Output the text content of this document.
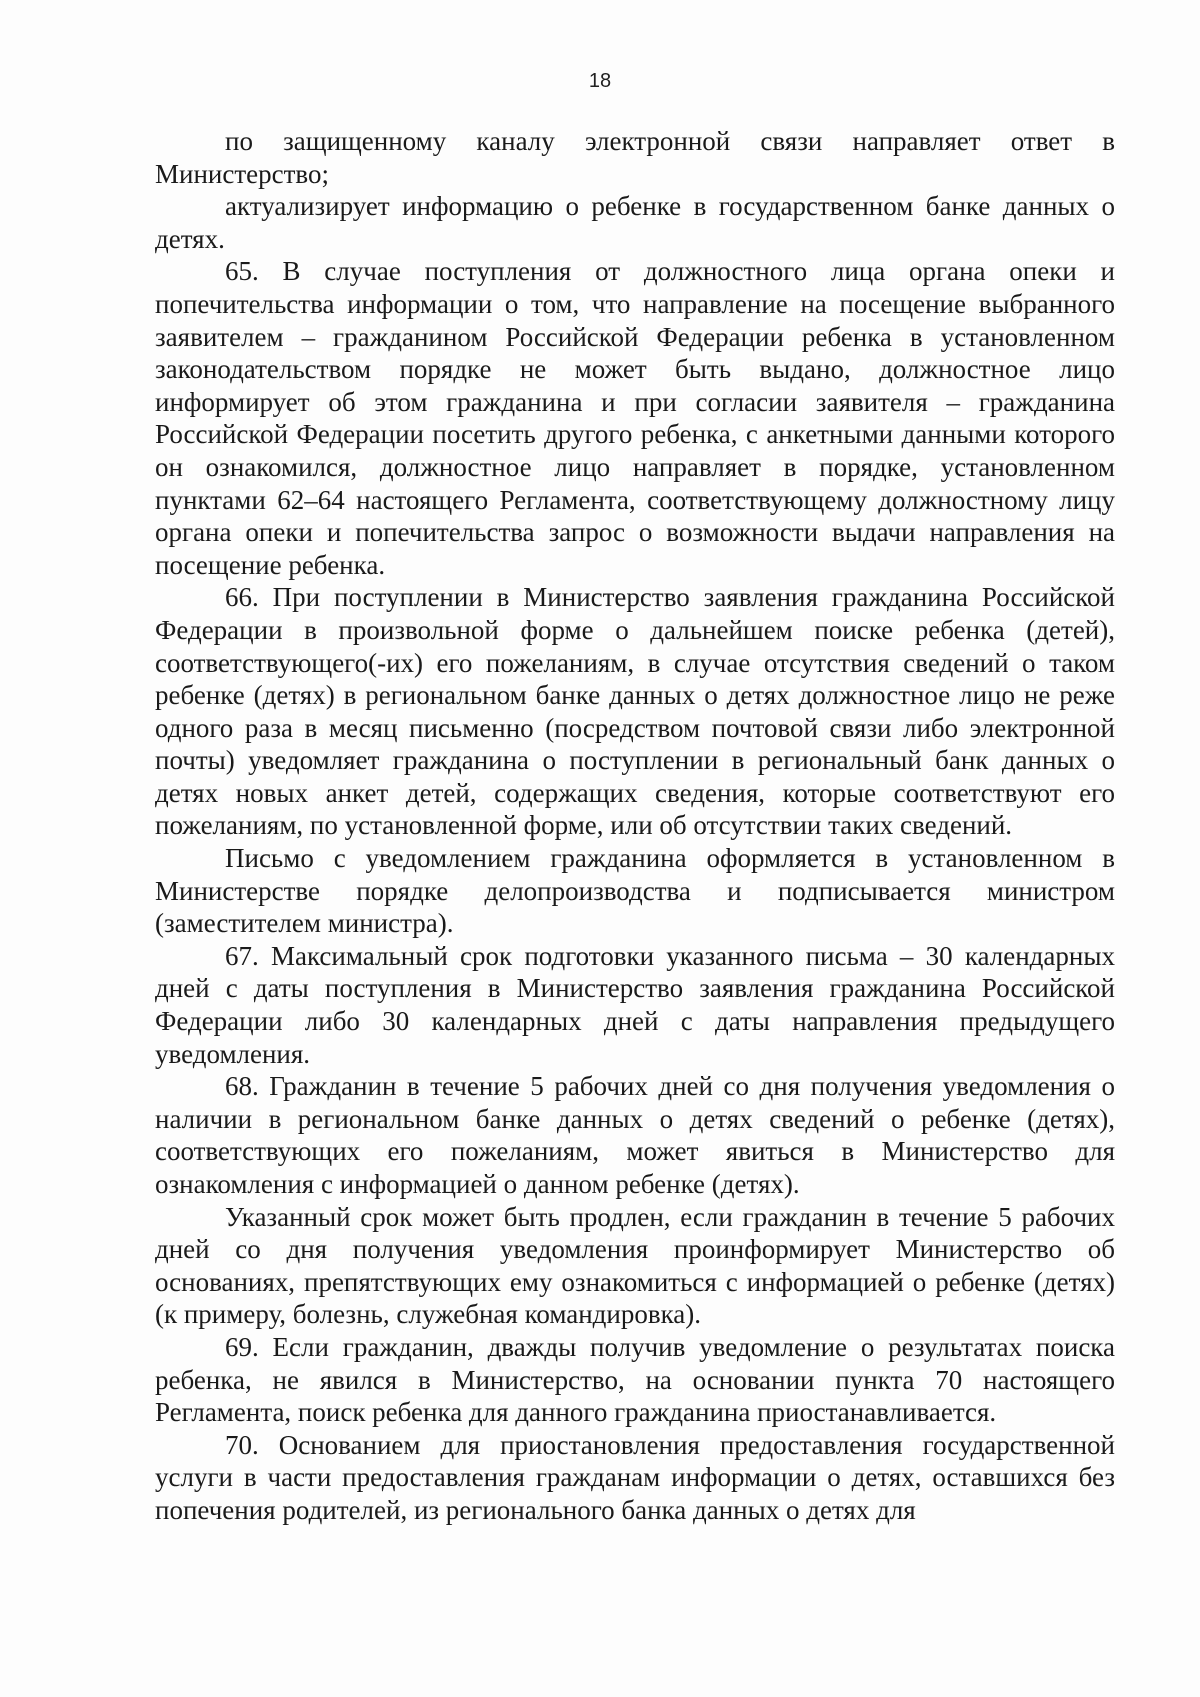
18

по защищенному каналу электронной связи направляет ответ в Министерство;

актуализирует информацию о ребенке в государственном банке данных о детях.

65. В случае поступления от должностного лица органа опеки и попечительства информации о том, что направление на посещение выбранного заявителем – гражданином Российской Федерации ребенка в установленном законодательством порядке не может быть выдано, должностное лицо информирует об этом гражданина и при согласии заявителя – гражданина Российской Федерации посетить другого ребенка, с анкетными данными которого он ознакомился, должностное лицо направляет в порядке, установленном пунктами 62–64 настоящего Регламента, соответствующему должностному лицу органа опеки и попечительства запрос о возможности выдачи направления на посещение ребенка.

66. При поступлении в Министерство заявления гражданина Российской Федерации в произвольной форме о дальнейшем поиске ребенка (детей), соответствующего(-их) его пожеланиям, в случае отсутствия сведений о таком ребенке (детях) в региональном банке данных о детях должностное лицо не реже одного раза в месяц письменно (посредством почтовой связи либо электронной почты) уведомляет гражданина о поступлении в региональный банк данных о детях новых анкет детей, содержащих сведения, которые соответствуют его пожеланиям, по установленной форме, или об отсутствии таких сведений.

Письмо с уведомлением гражданина оформляется в установленном в Министерстве порядке делопроизводства и подписывается министром (заместителем министра).

67. Максимальный срок подготовки указанного письма – 30 календарных дней с даты поступления в Министерство заявления гражданина Российской Федерации либо 30 календарных дней с даты направления предыдущего уведомления.

68. Гражданин в течение 5 рабочих дней со дня получения уведомления о наличии в региональном банке данных о детях сведений о ребенке (детях), соответствующих его пожеланиям, может явиться в Министерство для ознакомления с информацией о данном ребенке (детях).

Указанный срок может быть продлен, если гражданин в течение 5 рабочих дней со дня получения уведомления проинформирует Министерство об основаниях, препятствующих ему ознакомиться с информацией о ребенке (детях) (к примеру, болезнь, служебная командировка).

69. Если гражданин, дважды получив уведомление о результатах поиска ребенка, не явился в Министерство, на основании пункта 70 настоящего Регламента, поиск ребенка для данного гражданина приостанавливается.

70. Основанием для приостановления предоставления государственной услуги в части предоставления гражданам информации о детях, оставшихся без попечения родителей, из регионального банка данных о детях для
